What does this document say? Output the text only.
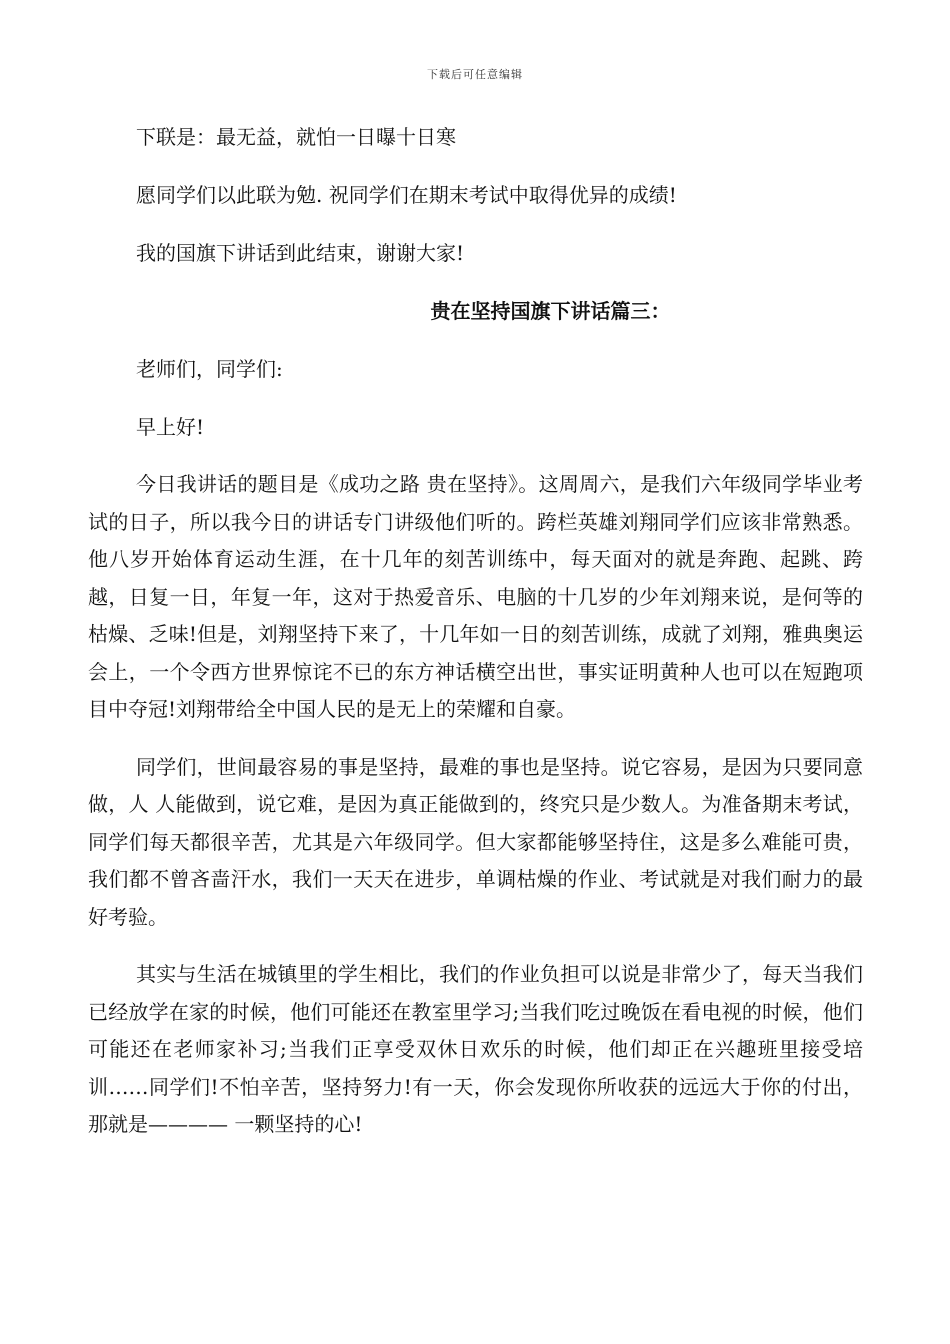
下载后可任意编辑

下联是：最无益，就怕一日曝十日寒

愿同学们以此联为勉. 祝同学们在期末考试中取得优异的成绩!

我的国旗下讲话到此结束，谢谢大家!

贵在坚持国旗下讲话篇三：

老师们，同学们:

早上好!

今日我讲话的题目是《成功之路 贵在坚持》。这周周六，是我们六年级同学毕业考试的日子，所以我今日的讲话专门讲级他们听的。跨栏英雄刘翔同学们应该非常熟悉。他八岁开始体育运动生涯，在十几年的刻苦训练中，每天面对的就是奔跑、起跳、跨越，日复一日，年复一年，这对于热爱音乐、电脑的十几岁的少年刘翔来说，是何等的枯燥、乏味!但是，刘翔坚持下来了，十几年如一日的刻苦训练，成就了刘翔，雅典奥运会上，一个令西方世界惊诧不已的东方神话横空出世，事实证明黄种人也可以在短跑项目中夺冠!刘翔带给全中国人民的是无上的荣耀和自豪。

同学们，世间最容易的事是坚持，最难的事也是坚持。说它容易，是因为只要同意做，人 人能做到，说它难，是因为真正能做到的，终究只是少数人。为准备期末考试，同学们每天都很辛苦，尤其是六年级同学。但大家都能够坚持住，这是多么难能可贵，我们都不曾吝啬汗水，我们一天天在进步，单调枯燥的作业、考试就是对我们耐力的最好考验。

其实与生活在城镇里的学生相比，我们的作业负担可以说是非常少了，每天当我们已经放学在家的时候，他们可能还在教室里学习;当我们吃过晚饭在看电视的时候，他们可能还在老师家补习;当我们正享受双休日欢乐的时候，他们却正在兴趣班里接受培训……同学们!不怕辛苦，坚持努力!有一天，你会发现你所收获的远远大于你的付出，那就是———— 一颗坚持的心!
